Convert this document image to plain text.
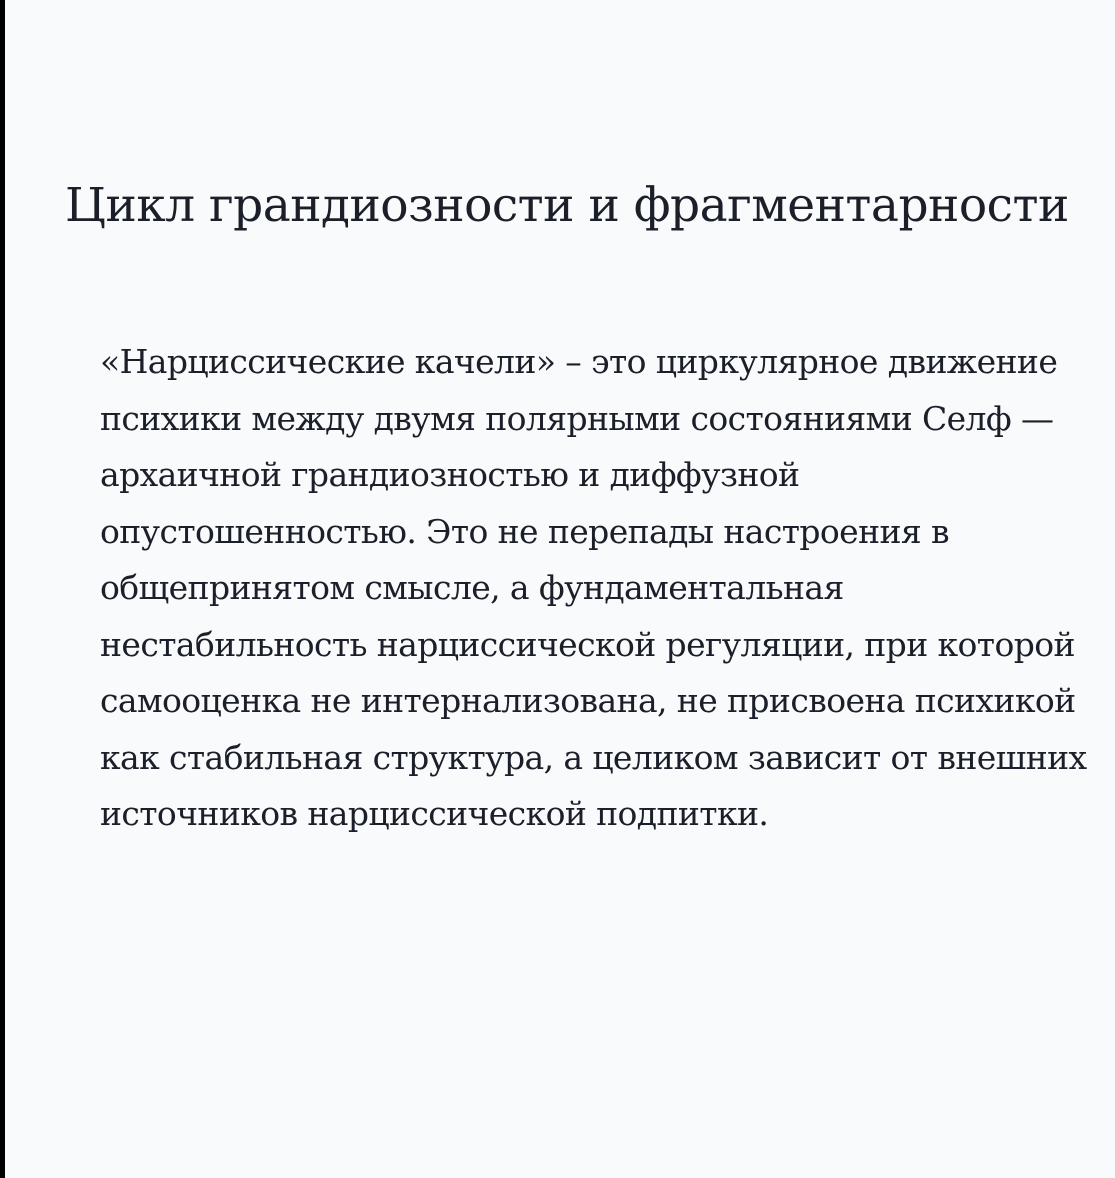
Цикл грандиозности и фрагментарности

«Нарциссические качели» – это циркулярное движение
психики между двумя полярными состояниями Селф —
архаичной грандиозностью и диффузной
опустошенностью. Это не перепады настроения в
общепринятом смысле, а фундаментальная
нестабильность нарциссической регуляции, при которой
самооценка не интернализована, не присвоена психикой
как стабильная структура, а целиком зависит от внешних
источников нарциссической подпитки.
